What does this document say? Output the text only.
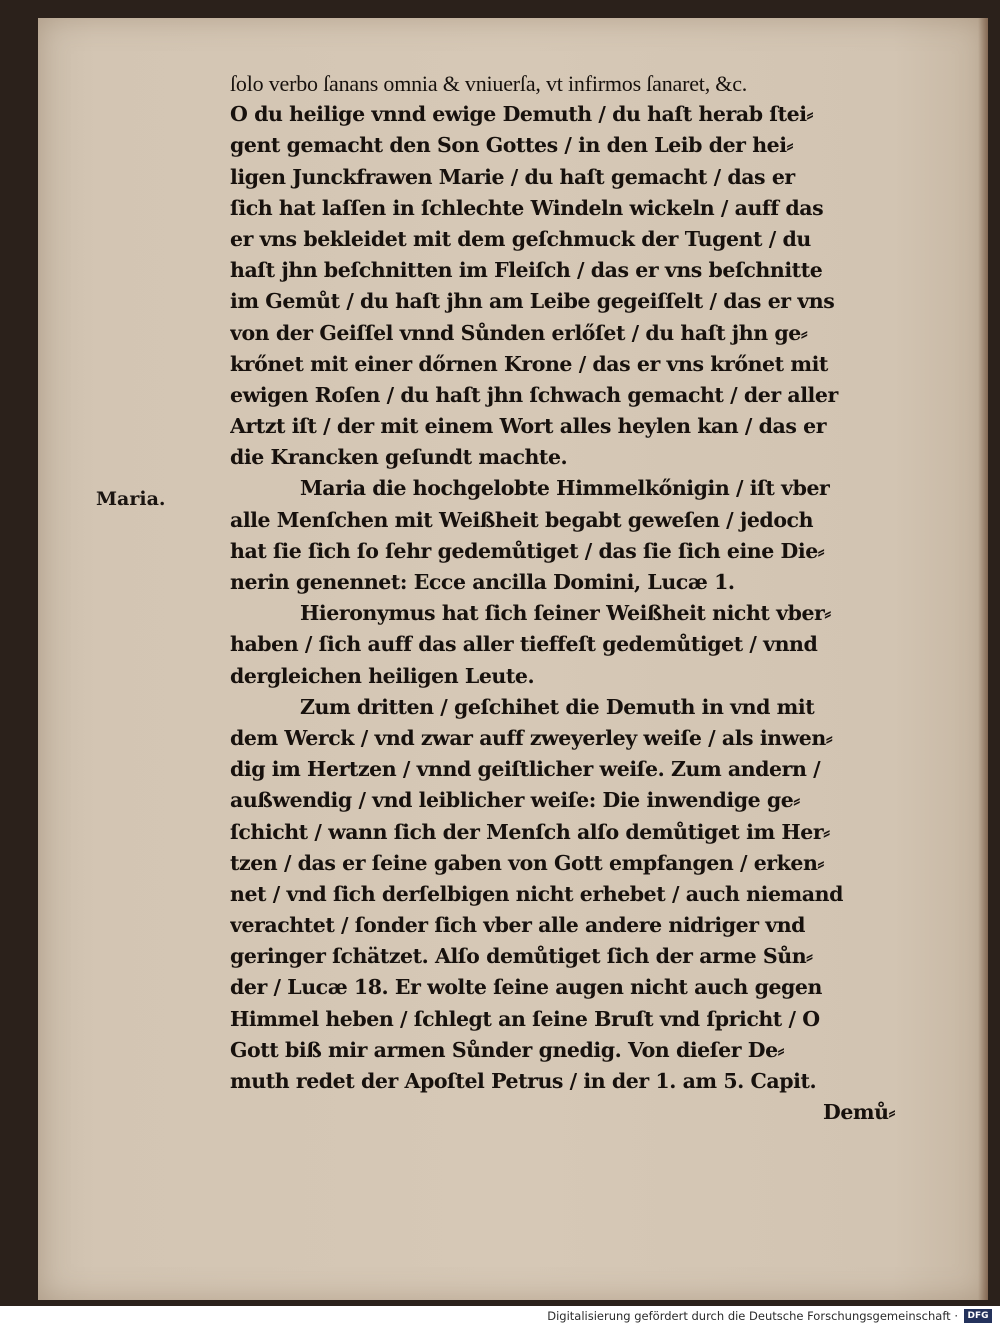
Maria.
ſolo verbo ſanans omnia & vniuerſa, vt infirmos ſanaret, &c.
O du heilige vnnd ewige Demuth / du haſt herab ſtei⸗
gent gemacht den Son Gottes / in den Leib der hei⸗
ligen Junckfrawen Marie / du haſt gemacht / das er
ſich hat laſſen in ſchlechte Windeln wickeln / auff das
er vns bekleidet mit dem geſchmuck der Tugent / du
haſt jhn beſchnitten im Fleiſch / das er vns beſchnitte
im Gemůt / du haſt jhn am Leibe gegeiſſelt / das er vns
von der Geiſſel vnnd Sůnden erlőſet / du haſt jhn ge⸗
krőnet mit einer dőrnen Krone / das er vns krőnet mit
ewigen Roſen / du haſt jhn ſchwach gemacht / der aller
Artzt iſt / der mit einem Wort alles heylen kan / das er
die Krancken geſundt machte.
Maria die hochgelobte Himmelkőnigin / iſt vber
alle Menſchen mit Weißheit begabt geweſen / jedoch
hat ſie ſich ſo ſehr gedemůtiget / das ſie ſich eine Die⸗
nerin genennet: Ecce ancilla Domini, Lucæ 1.
Hieronymus hat ſich ſeiner Weißheit nicht vber⸗
haben / ſich auff das aller tieffeſt gedemůtiget / vnnd
dergleichen heiligen Leute.
Zum dritten / geſchihet die Demuth in vnd mit
dem Werck / vnd zwar auff zweyerley weiſe / als inwen⸗
dig im Hertzen / vnnd geiſtlicher weiſe. Zum andern /
außwendig / vnd leiblicher weiſe: Die inwendige ge⸗
ſchicht / wann ſich der Menſch alſo demůtiget im Her⸗
tzen / das er ſeine gaben von Gott empfangen / erken⸗
net / vnd ſich derſelbigen nicht erhebet / auch niemand
verachtet / ſonder ſich vber alle andere nidriger vnd
geringer ſchätzet. Alſo demůtiget ſich der arme Sůn⸗
der / Lucæ 18. Er wolte ſeine augen nicht auch gegen
Himmel heben / ſchlegt an ſeine Bruſt vnd ſpricht / O
Gott biß mir armen Sůnder gnedig. Von dieſer De⸗
muth redet der Apoſtel Petrus / in der 1. am 5. Capit.
Demů⸗
Digitalisierung gefördert durch die Deutsche Forschungsgemeinschaft ·	DFG
